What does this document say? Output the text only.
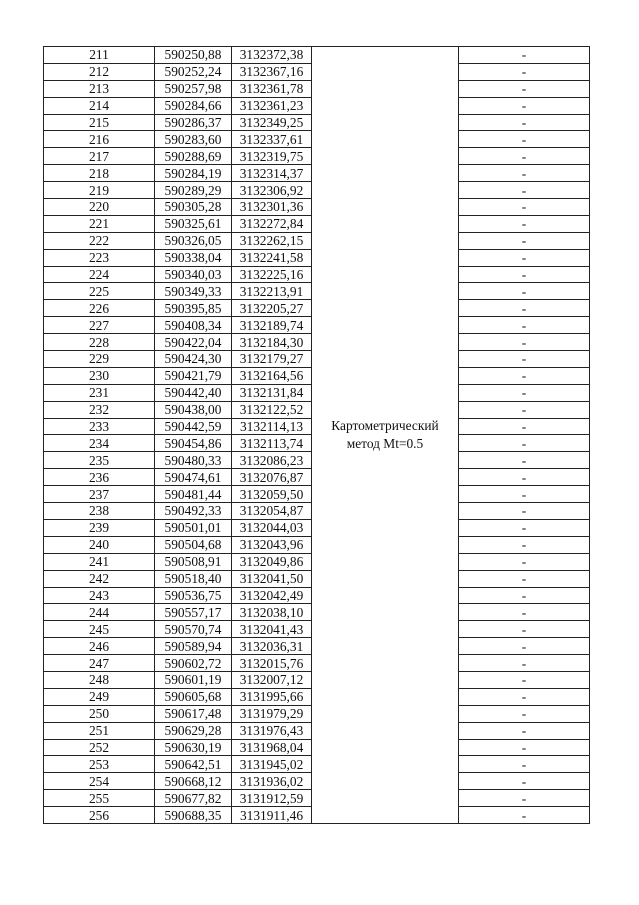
211	590250,88	3132372,38	Картометрический
метод Mt=0.5	-
212	590252,24	3132367,16		-
213	590257,98	3132361,78		-
214	590284,66	3132361,23		-
215	590286,37	3132349,25		-
216	590283,60	3132337,61		-
217	590288,69	3132319,75		-
218	590284,19	3132314,37		-
219	590289,29	3132306,92		-
220	590305,28	3132301,36		-
221	590325,61	3132272,84		-
222	590326,05	3132262,15		-
223	590338,04	3132241,58		-
224	590340,03	3132225,16		-
225	590349,33	3132213,91		-
226	590395,85	3132205,27		-
227	590408,34	3132189,74		-
228	590422,04	3132184,30		-
229	590424,30	3132179,27		-
230	590421,79	3132164,56		-
231	590442,40	3132131,84		-
232	590438,00	3132122,52		-
233	590442,59	3132114,13		-
234	590454,86	3132113,74		-
235	590480,33	3132086,23		-
236	590474,61	3132076,87		-
237	590481,44	3132059,50		-
238	590492,33	3132054,87		-
239	590501,01	3132044,03		-
240	590504,68	3132043,96		-
241	590508,91	3132049,86		-
242	590518,40	3132041,50		-
243	590536,75	3132042,49		-
244	590557,17	3132038,10		-
245	590570,74	3132041,43		-
246	590589,94	3132036,31		-
247	590602,72	3132015,76		-
248	590601,19	3132007,12		-
249	590605,68	3131995,66		-
250	590617,48	3131979,29		-
251	590629,28	3131976,43		-
252	590630,19	3131968,04		-
253	590642,51	3131945,02		-
254	590668,12	3131936,02		-
255	590677,82	3131912,59		-
256	590688,35	3131911,46		-
